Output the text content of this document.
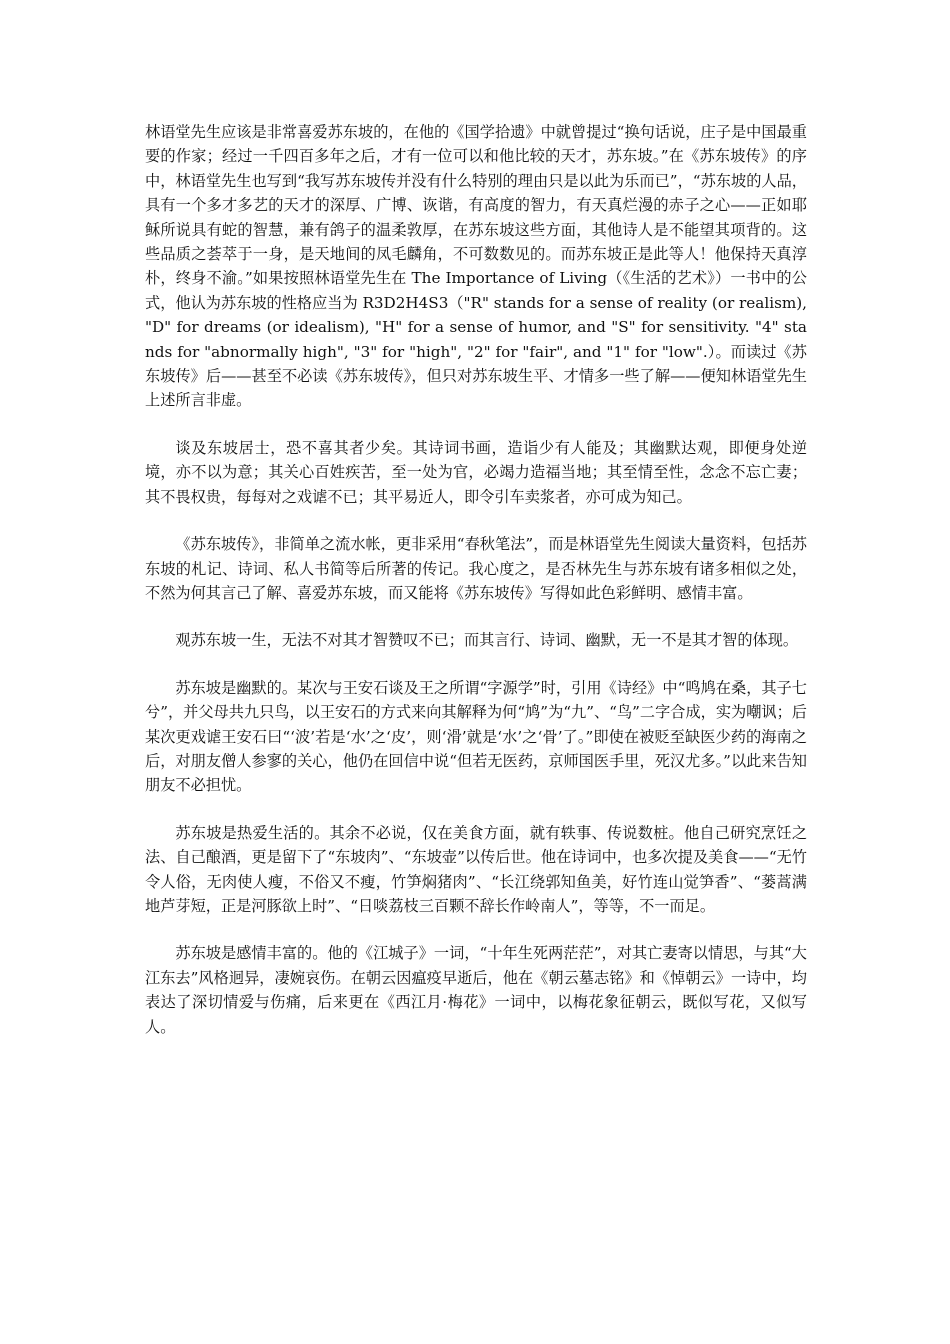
林语堂先生应该是非常喜爱苏东坡的，在他的《国学拾遗》中就曾提过“换句话说，庄子是中国最重要的作家；经过一千四百多年之后，才有一位可以和他比较的天才，苏东坡。”在《苏东坡传》的序中，林语堂先生也写到“我写苏东坡传并没有什么特别的理由只是以此为乐而已”，“苏东坡的人品，具有一个多才多艺的天才的深厚、广博、诙谐，有高度的智力，有天真烂漫的赤子之心——正如耶稣所说具有蛇的智慧，兼有鸽子的温柔敦厚，在苏东坡这些方面，其他诗人是不能望其项背的。这些品质之荟萃于一身，是天地间的凤毛麟角，不可数数见的。而苏东坡正是此等人！他保持天真淳朴，终身不渝。”如果按照林语堂先生在 The Importance of Living（《生活的艺术》）一书中的公式，他认为苏东坡的性格应当为 R3D2H4S3（"R" stands for a sense of reality (or realism), "D" for dreams (or idealism), "H" for a sense of humor, and "S" for sensitivity. "4" stands for "abnormally high", "3" for "high", "2" for "fair", and "1" for "low".）。而读过《苏东坡传》后——甚至不必读《苏东坡传》，但只对苏东坡生平、才情多一些了解——便知林语堂先生上述所言非虚。

谈及东坡居士，恐不喜其者少矣。其诗词书画，造诣少有人能及；其幽默达观，即便身处逆境，亦不以为意；其关心百姓疾苦，至一处为官，必竭力造福当地；其至情至性，念念不忘亡妻；其不畏权贵，每每对之戏谑不已；其平易近人，即令引车卖浆者，亦可成为知己。

《苏东坡传》，非简单之流水帐，更非采用“春秋笔法”，而是林语堂先生阅读大量资料，包括苏东坡的札记、诗词、私人书简等后所著的传记。我心度之，是否林先生与苏东坡有诸多相似之处，不然为何其言己了解、喜爱苏东坡，而又能将《苏东坡传》写得如此色彩鲜明、感情丰富。

观苏东坡一生，无法不对其才智赞叹不已；而其言行、诗词、幽默，无一不是其才智的体现。

苏东坡是幽默的。某次与王安石谈及王之所谓“字源学”时，引用《诗经》中“鸣鸠在桑，其子七兮”，并父母共九只鸟，以王安石的方式来向其解释为何“鸠”为“九”、“鸟”二字合成，实为嘲讽；后某次更戏谑王安石曰“‘波’若是‘水’之‘皮’，则‘滑’就是‘水’之‘骨’了。”即使在被贬至缺医少药的海南之后，对朋友僧人参寥的关心，他仍在回信中说“但若无医药，京师国医手里，死汉尤多。”以此来告知朋友不必担忧。

苏东坡是热爱生活的。其余不必说，仅在美食方面，就有轶事、传说数桩。他自己研究烹饪之法、自己酿酒，更是留下了“东坡肉”、“东坡壶”以传后世。他在诗词中，也多次提及美食——“无竹令人俗，无肉使人瘦，不俗又不瘦，竹笋焖猪肉”、“长江绕郭知鱼美，好竹连山觉笋香”、“蒌蒿满地芦芽短，正是河豚欲上时”、“日啖荔枝三百颗不辞长作岭南人”，等等，不一而足。

苏东坡是感情丰富的。他的《江城子》一词，“十年生死两茫茫”，对其亡妻寄以情思，与其“大江东去”风格迥异，凄婉哀伤。在朝云因瘟疫早逝后，他在《朝云墓志铭》和《悼朝云》一诗中，均表达了深切情爱与伤痛，后来更在《西江月·梅花》一词中，以梅花象征朝云，既似写花，又似写人。
